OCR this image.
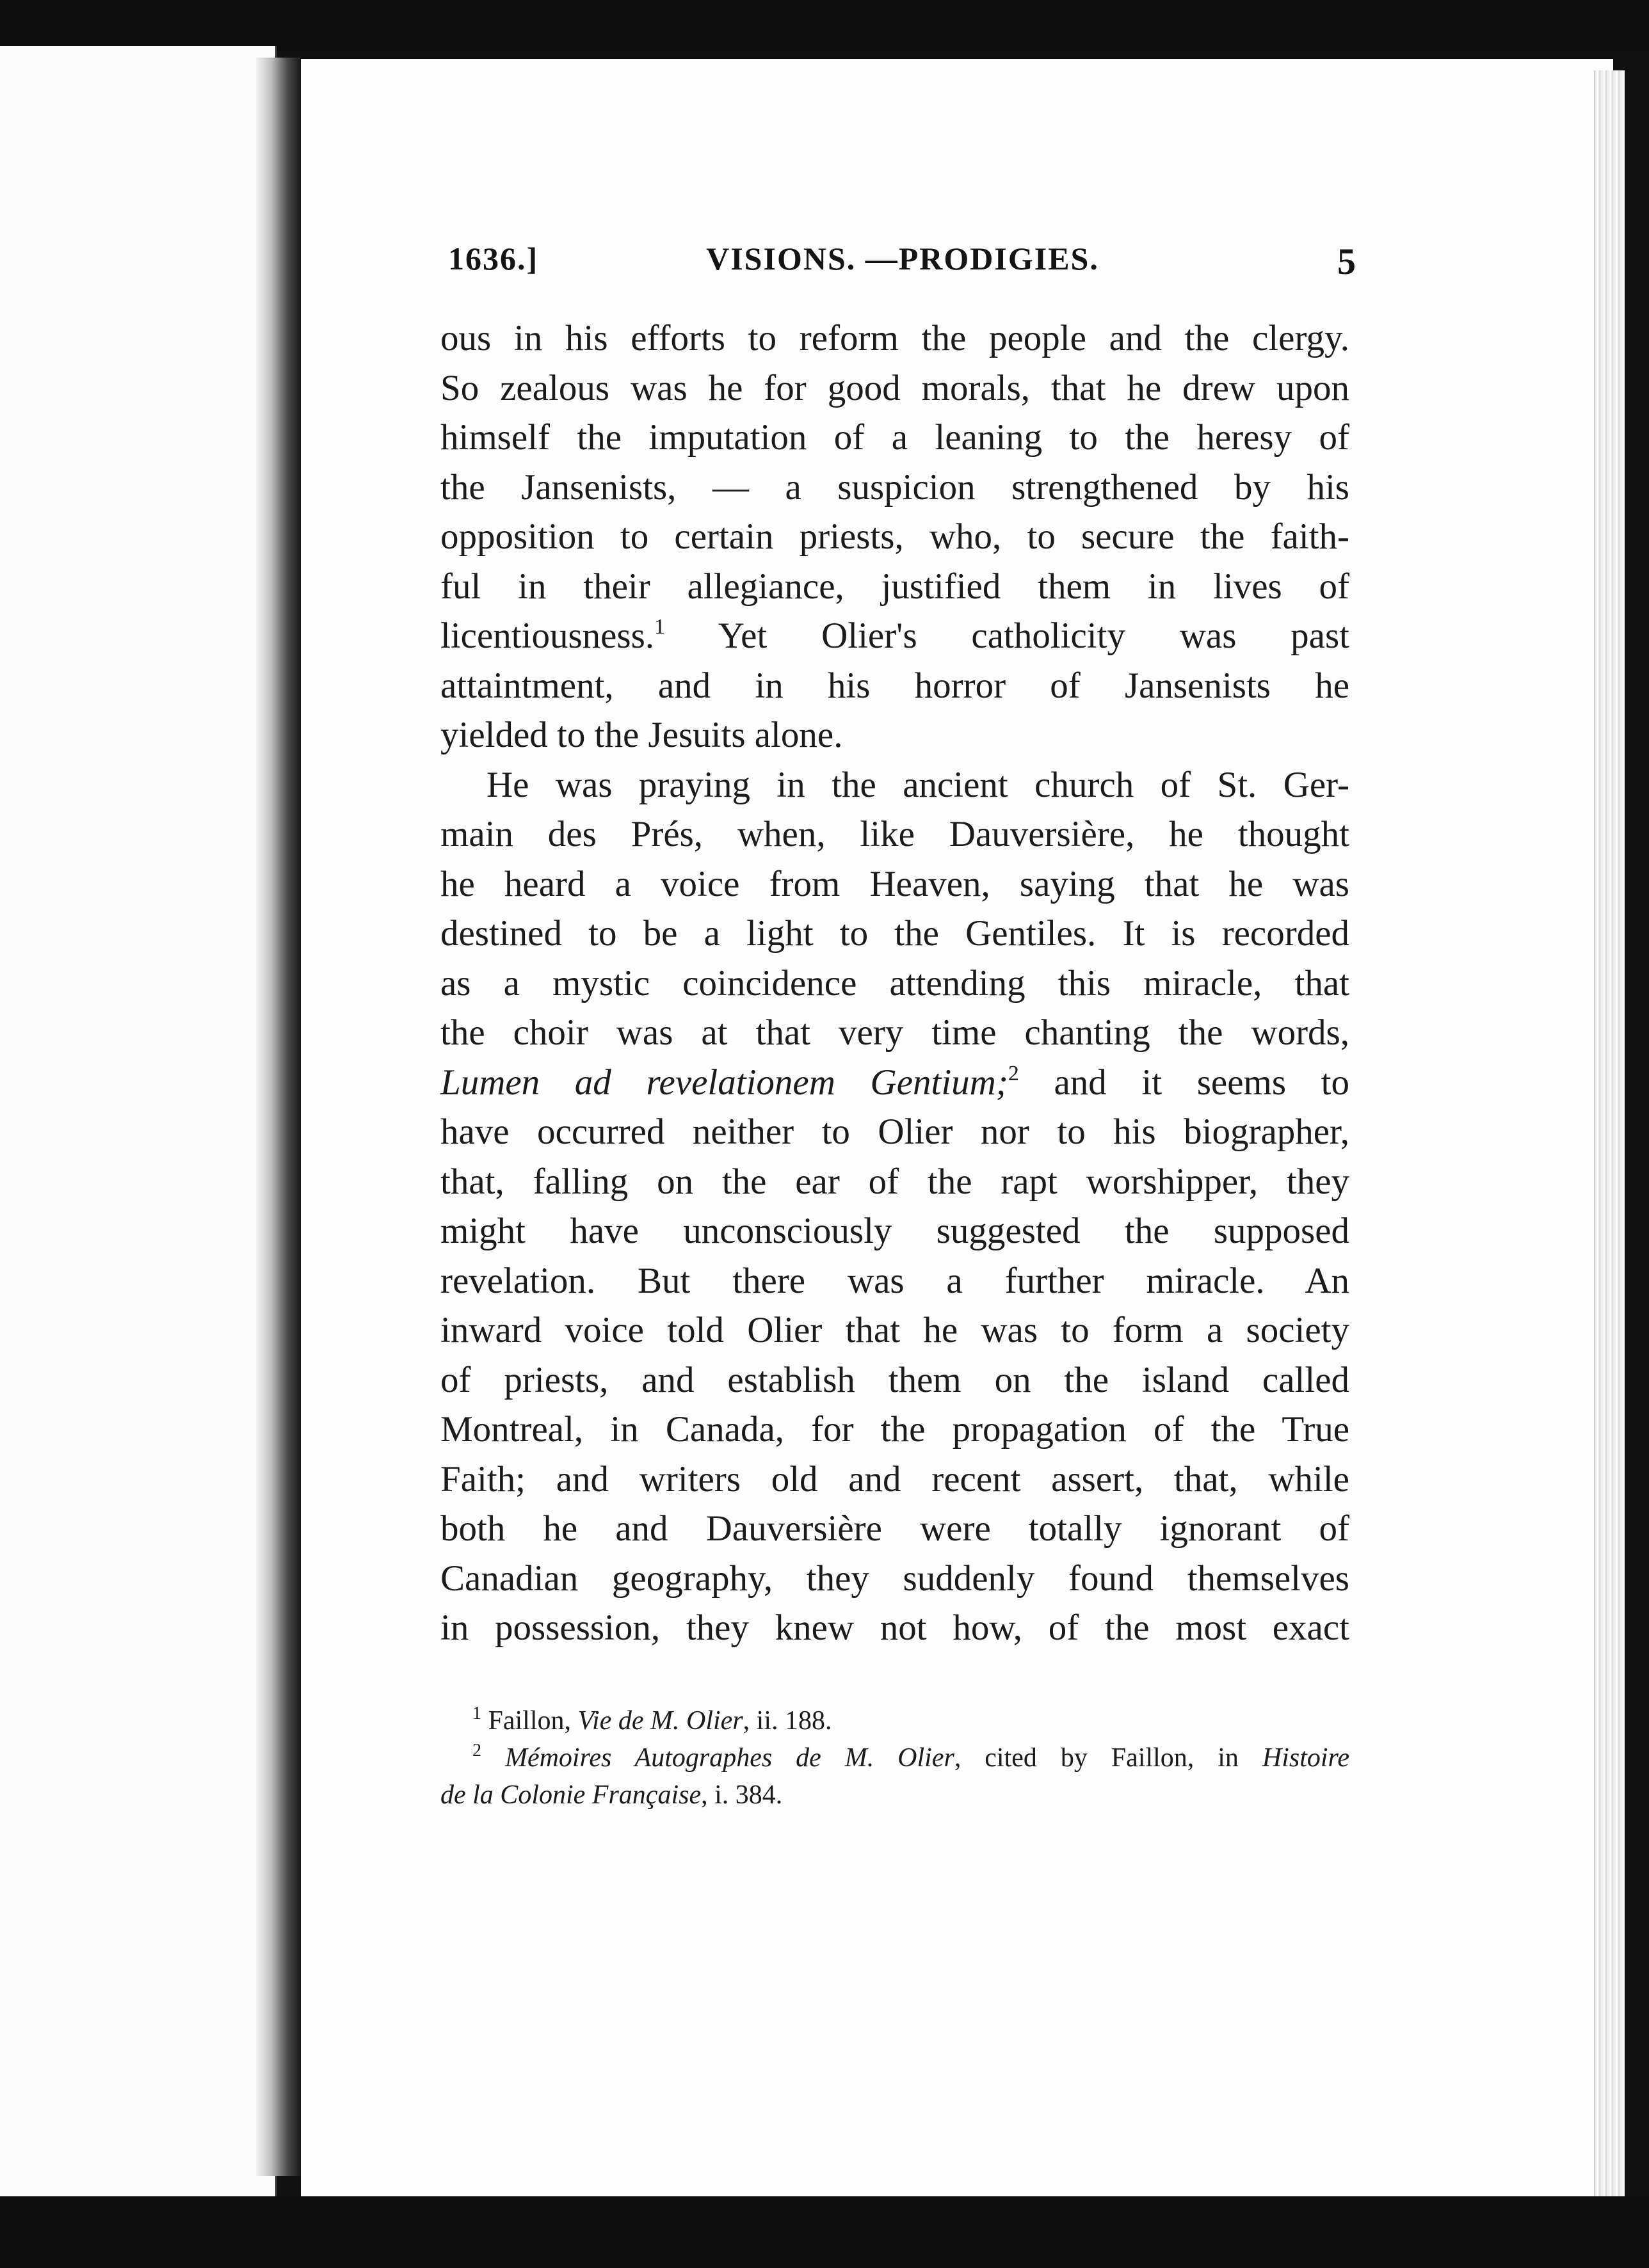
1636.]	VISIONS. —PRODIGIES.	5
ous in his efforts to reform the people and the clergy.
So zealous was he for good morals, that he drew upon
himself the imputation of a leaning to the heresy of
the Jansenists, — a suspicion strengthened by his
opposition to certain priests, who, to secure the faith-
ful in their allegiance, justified them in lives of
licentiousness.$^1$ Yet Olier's catholicity was past
attaintment, and in his horror of Jansenists he
yielded to the Jesuits alone.
He was praying in the ancient church of St. Ger-
main des Prés, when, like Dauversière, he thought
he heard a voice from Heaven, saying that he was
destined to be a light to the Gentiles. It is recorded
as a mystic coincidence attending this miracle, that
the choir was at that very time chanting the words,
Lumen ad revelationem Gentium;$^2$ and it seems to
have occurred neither to Olier nor to his biographer,
that, falling on the ear of the rapt worshipper, they
might have unconsciously suggested the supposed
revelation. But there was a further miracle. An
inward voice told Olier that he was to form a society
of priests, and establish them on the island called
Montreal, in Canada, for the propagation of the True
Faith; and writers old and recent assert, that, while
both he and Dauversière were totally ignorant of
Canadian geography, they suddenly found themselves
in possession, they knew not how, of the most exact
$^1$ Faillon, Vie de M. Olier, ii. 188.
$^2$ Mémoires Autographes de M. Olier, cited by Faillon, in Histoire
de la Colonie Française, i. 384.
